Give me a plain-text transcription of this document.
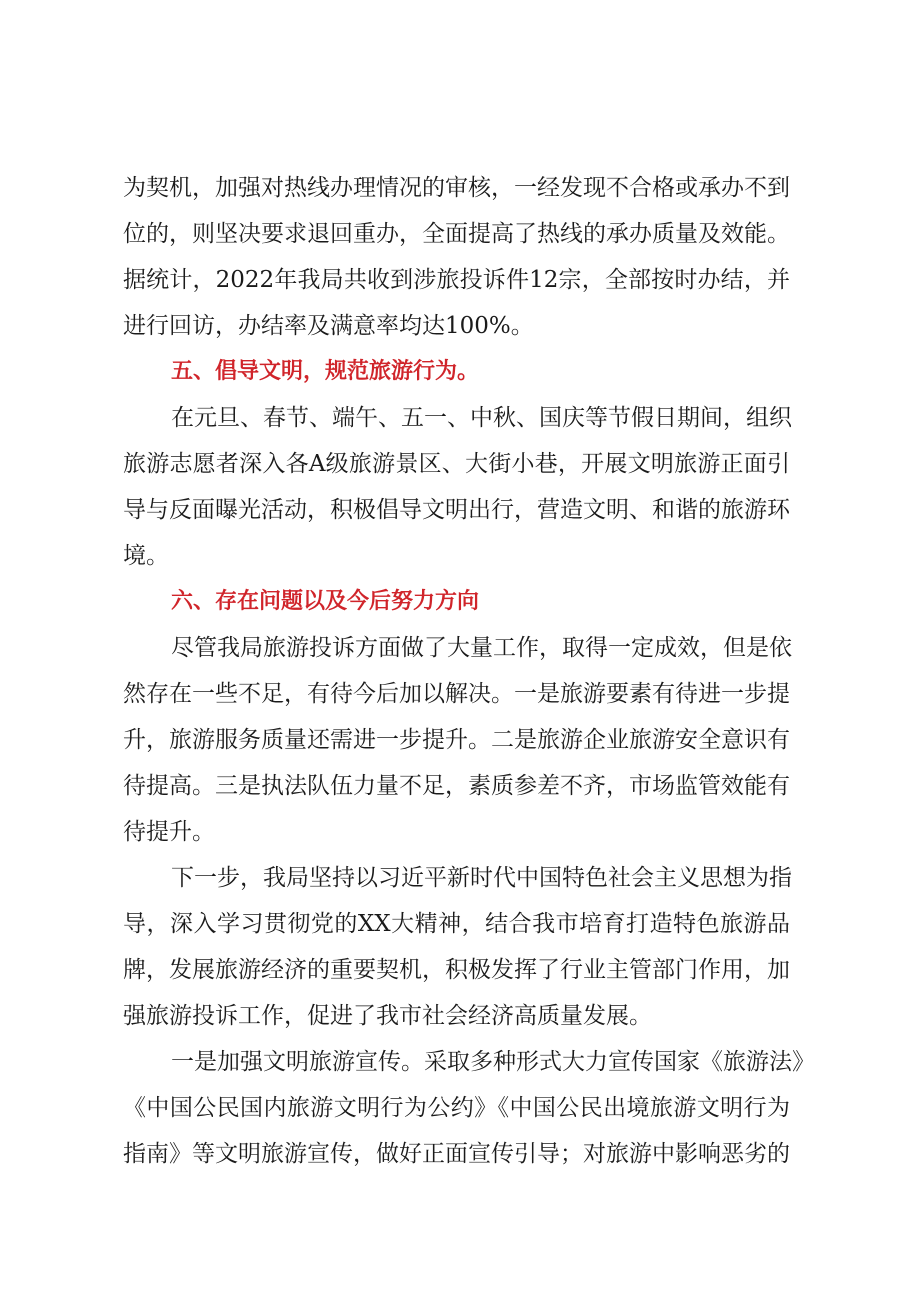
为契机，加强对热线办理情况的审核，一经发现不合格或承办不到

位的，则坚决要求退回重办，全面提高了热线的承办质量及效能。

据统计，2022年我局共收到涉旅投诉件12宗，全部按时办结，并

进行回访，办结率及满意率均达100%。

五、倡导文明，规范旅游行为。

在元旦、春节、端午、五一、中秋、国庆等节假日期间，组织

旅游志愿者深入各A级旅游景区、大街小巷，开展文明旅游正面引

导与反面曝光活动，积极倡导文明出行，营造文明、和谐的旅游环

境。

六、存在问题以及今后努力方向

尽管我局旅游投诉方面做了大量工作，取得一定成效，但是依

然存在一些不足，有待今后加以解决。一是旅游要素有待进一步提

升，旅游服务质量还需进一步提升。二是旅游企业旅游安全意识有

待提高。三是执法队伍力量不足，素质参差不齐，市场监管效能有

待提升。

下一步，我局坚持以习近平新时代中国特色社会主义思想为指

导，深入学习贯彻党的XX大精神，结合我市培育打造特色旅游品

牌，发展旅游经济的重要契机，积极发挥了行业主管部门作用，加

强旅游投诉工作，促进了我市社会经济高质量发展。

一是加强文明旅游宣传。采取多种形式大力宣传国家《旅游法》

《中国公民国内旅游文明行为公约》《中国公民出境旅游文明行为

指南》等文明旅游宣传，做好正面宣传引导；对旅游中影响恶劣的
